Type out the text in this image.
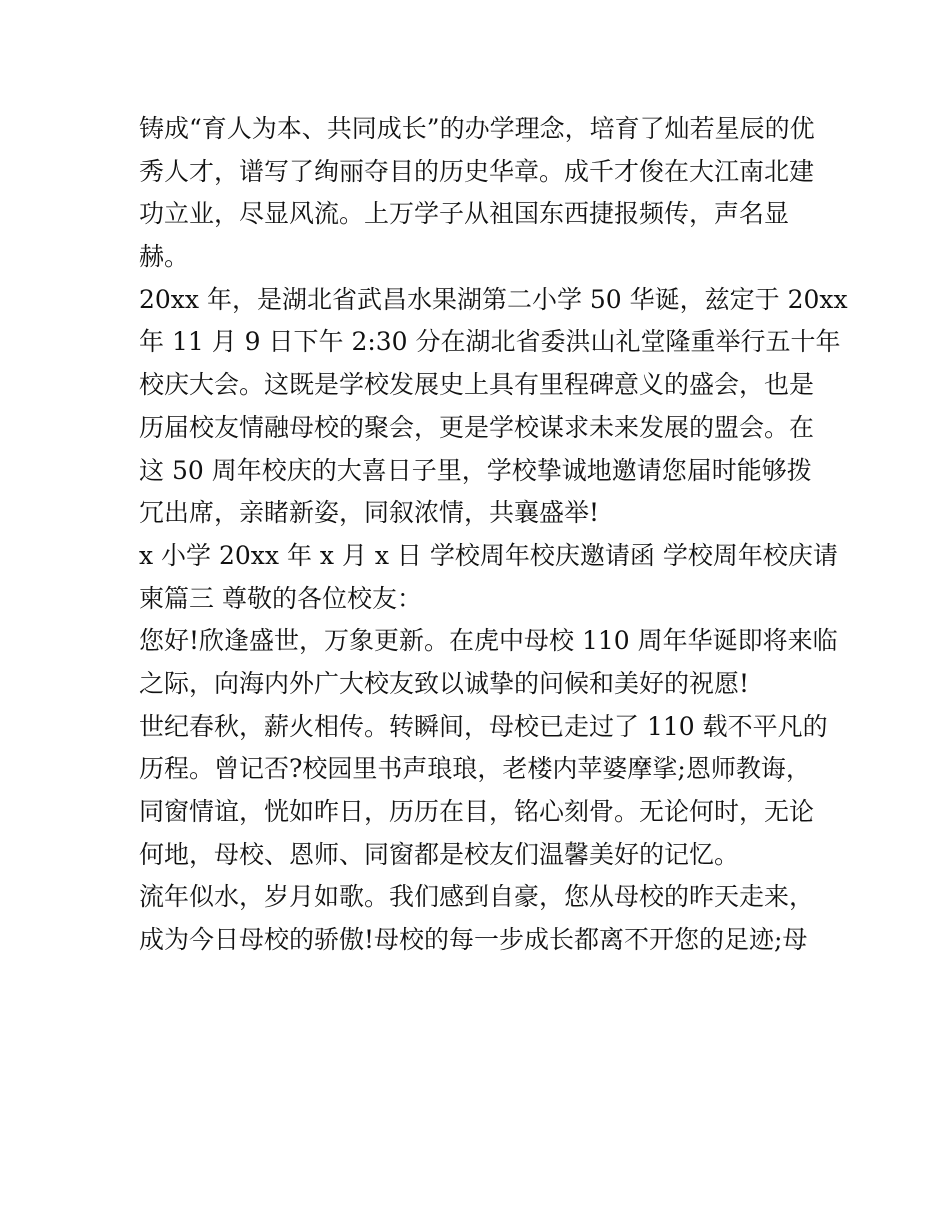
铸成“育人为本、共同成长”的办学理念，培育了灿若星辰的优
秀人才，谱写了绚丽夺目的历史华章。成千才俊在大江南北建
功立业，尽显风流。上万学子从祖国东西捷报频传，声名显
赫。
20xx 年，是湖北省武昌水果湖第二小学 50 华诞，兹定于 20xx
年 11 月 9 日下午 2:30 分在湖北省委洪山礼堂隆重举行五十年
校庆大会。这既是学校发展史上具有里程碑意义的盛会，也是
历届校友情融母校的聚会，更是学校谋求未来发展的盟会。在
这 50 周年校庆的大喜日子里，学校挚诚地邀请您届时能够拨
冗出席，亲睹新姿，同叙浓情，共襄盛举!
x 小学 20xx 年 x 月 x 日 学校周年校庆邀请函 学校周年校庆请
柬篇三 尊敬的各位校友：
您好!欣逢盛世，万象更新。在虎中母校 110 周年华诞即将来临
之际，向海内外广大校友致以诚挚的问候和美好的祝愿!
世纪春秋，薪火相传。转瞬间，母校已走过了 110 载不平凡的
历程。曾记否?校园里书声琅琅，老楼内苹婆摩挲;恩师教诲，
同窗情谊，恍如昨日，历历在目，铭心刻骨。无论何时，无论
何地，母校、恩师、同窗都是校友们温馨美好的记忆。
流年似水，岁月如歌。我们感到自豪，您从母校的昨天走来，
成为今日母校的骄傲!母校的每一步成长都离不开您的足迹;母
